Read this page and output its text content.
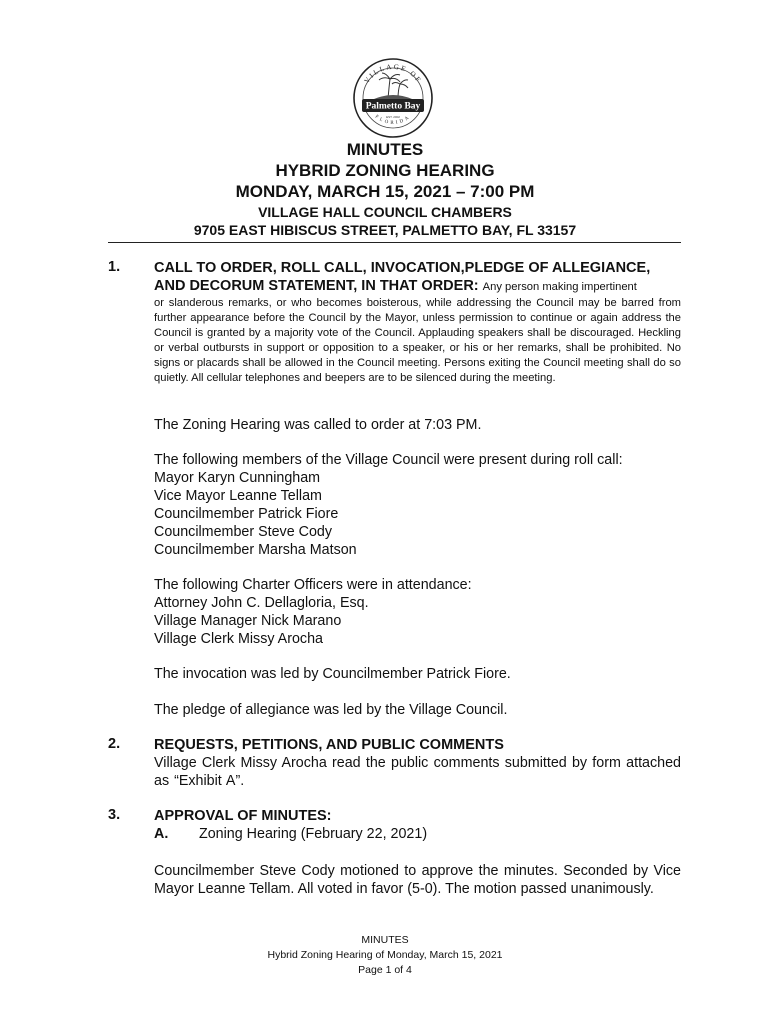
VILLAGE OF
FLORIDA
Palmetto Bay
EST. 2002
MINUTES
HYBRID ZONING HEARING
MONDAY, MARCH 15, 2021 – 7:00 PM
VILLAGE HALL COUNCIL CHAMBERS
9705 EAST HIBISCUS STREET, PALMETTO BAY, FL 33157
1. CALL TO ORDER, ROLL CALL, INVOCATION,PLEDGE OF ALLEGIANCE,
AND DECORUM STATEMENT, IN THAT ORDER: Any person making impertinent
or slanderous remarks, or who becomes boisterous, while addressing the Council may be barred from further appearance before the Council by the Mayor, unless permission to continue or again address the Council is granted by a majority vote of the Council. Applauding speakers shall be discouraged. Heckling or verbal outbursts in support or opposition to a speaker, or his or her remarks, shall be prohibited. No signs or placards shall be allowed in the Council meeting. Persons exiting the Council meeting shall do so quietly. All cellular telephones and beepers are to be silenced during the meeting.
The Zoning Hearing was called to order at 7:03 PM.
The following members of the Village Council were present during roll call:
Mayor Karyn Cunningham
Vice Mayor Leanne Tellam
Councilmember Patrick Fiore
Councilmember Steve Cody
Councilmember Marsha Matson
The following Charter Officers were in attendance:
Attorney John C. Dellagloria, Esq.
Village Manager Nick Marano
Village Clerk Missy Arocha
The invocation was led by Councilmember Patrick Fiore.
The pledge of allegiance was led by the Village Council.
2. REQUESTS, PETITIONS, AND PUBLIC COMMENTS
Village Clerk Missy Arocha read the public comments submitted by form attached as “Exhibit A”.
3. APPROVAL OF MINUTES:
A. Zoning Hearing (February 22, 2021)
Councilmember Steve Cody motioned to approve the minutes. Seconded by Vice Mayor Leanne Tellam. All voted in favor (5-0). The motion passed unanimously.
MINUTES
Hybrid Zoning Hearing of Monday, March 15, 2021
Page 1 of 4
